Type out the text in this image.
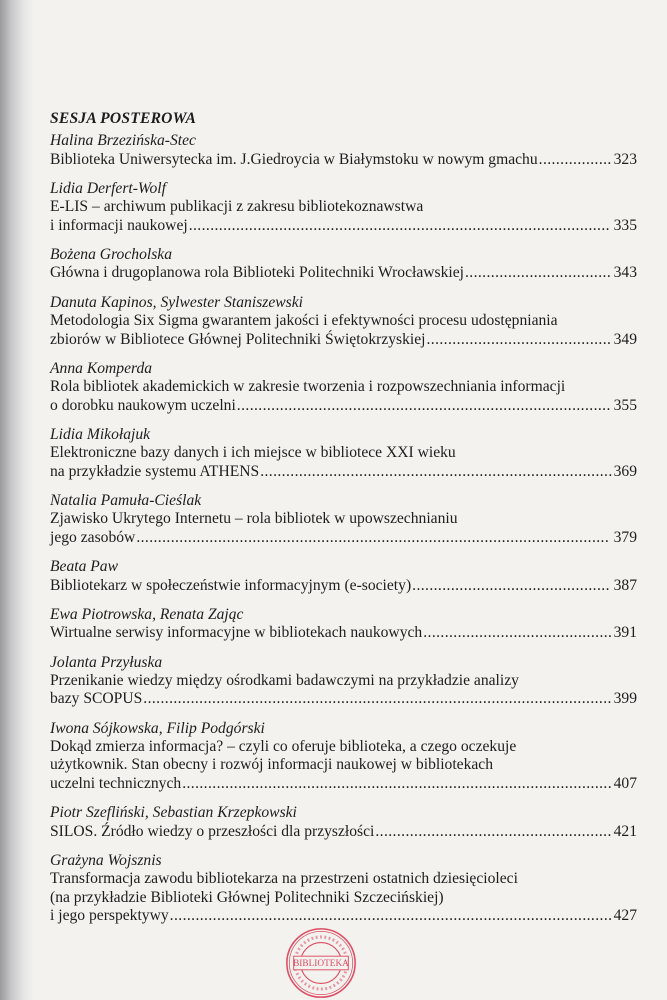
SESJA POSTEROWA
Halina Brzezińska-Stec
Biblioteka Uniwersytecka im. J.Giedroycia w Białymstoku w nowym gmachu ................. 323
Lidia Derfert-Wolf
E-LIS – archiwum publikacji z zakresu bibliotekoznawstwa
i informacji naukowej .................................................................................................. 335
Bożena Grocholska
Główna i drugoplanowa rola Biblioteki Politechniki Wrocławskiej .................................. 343
Danuta Kapinos, Sylwester Staniszewski
Metodologia Six Sigma gwarantem jakości i efektywności procesu udostępniania
zbiorów w Bibliotece Głównej Politechniki Świętokrzyskiej ........................................... 349
Anna Komperda
Rola bibliotek akademickich w zakresie tworzenia i rozpowszechniania informacji
o dorobku naukowym uczelni ....................................................................................... 355
Lidia Mikołajuk
Elektroniczne bazy danych i ich miejsce w bibliotece XXI wieku
na przykładzie systemu ATHENS .................................................................................. 369
Natalia Pamuła-Cieślak
Zjawisko Ukrytego Internetu – rola bibliotek w upowszechnianiu
jego zasobów .............................................................................................................. 379
Beata Paw
Bibliotekarz w społeczeństwie informacyjnym (e-society) .............................................. 387
Ewa Piotrowska, Renata Zając
Wirtualne serwisy informacyjne w bibliotekach naukowych ............................................ 391
Jolanta Przyłuska
Przenikanie wiedzy między ośrodkami badawczymi na przykładzie analizy
bazy SCOPUS ............................................................................................................. 399
Iwona Sójkowska, Filip Podgórski
Dokąd zmierza informacja? – czyli co oferuje biblioteka, a czego oczekuje
użytkownik. Stan obecny i rozwój informacji naukowej w bibliotekach
uczelni technicznych .................................................................................................... 407
Piotr Szefliński, Sebastian Krzepkowski
SILOS. Źródło wiedzy o przeszłości dla przyszłości ....................................................... 421
Grażyna Wojsznis
Transformacja zawodu bibliotekarza na przestrzeni ostatnich dziesięcioleci
(na przykładzie Biblioteki Głównej Politechniki Szczecińskiej)
i jego perspektywy ....................................................................................................... 427
BIBLIOTEKA
